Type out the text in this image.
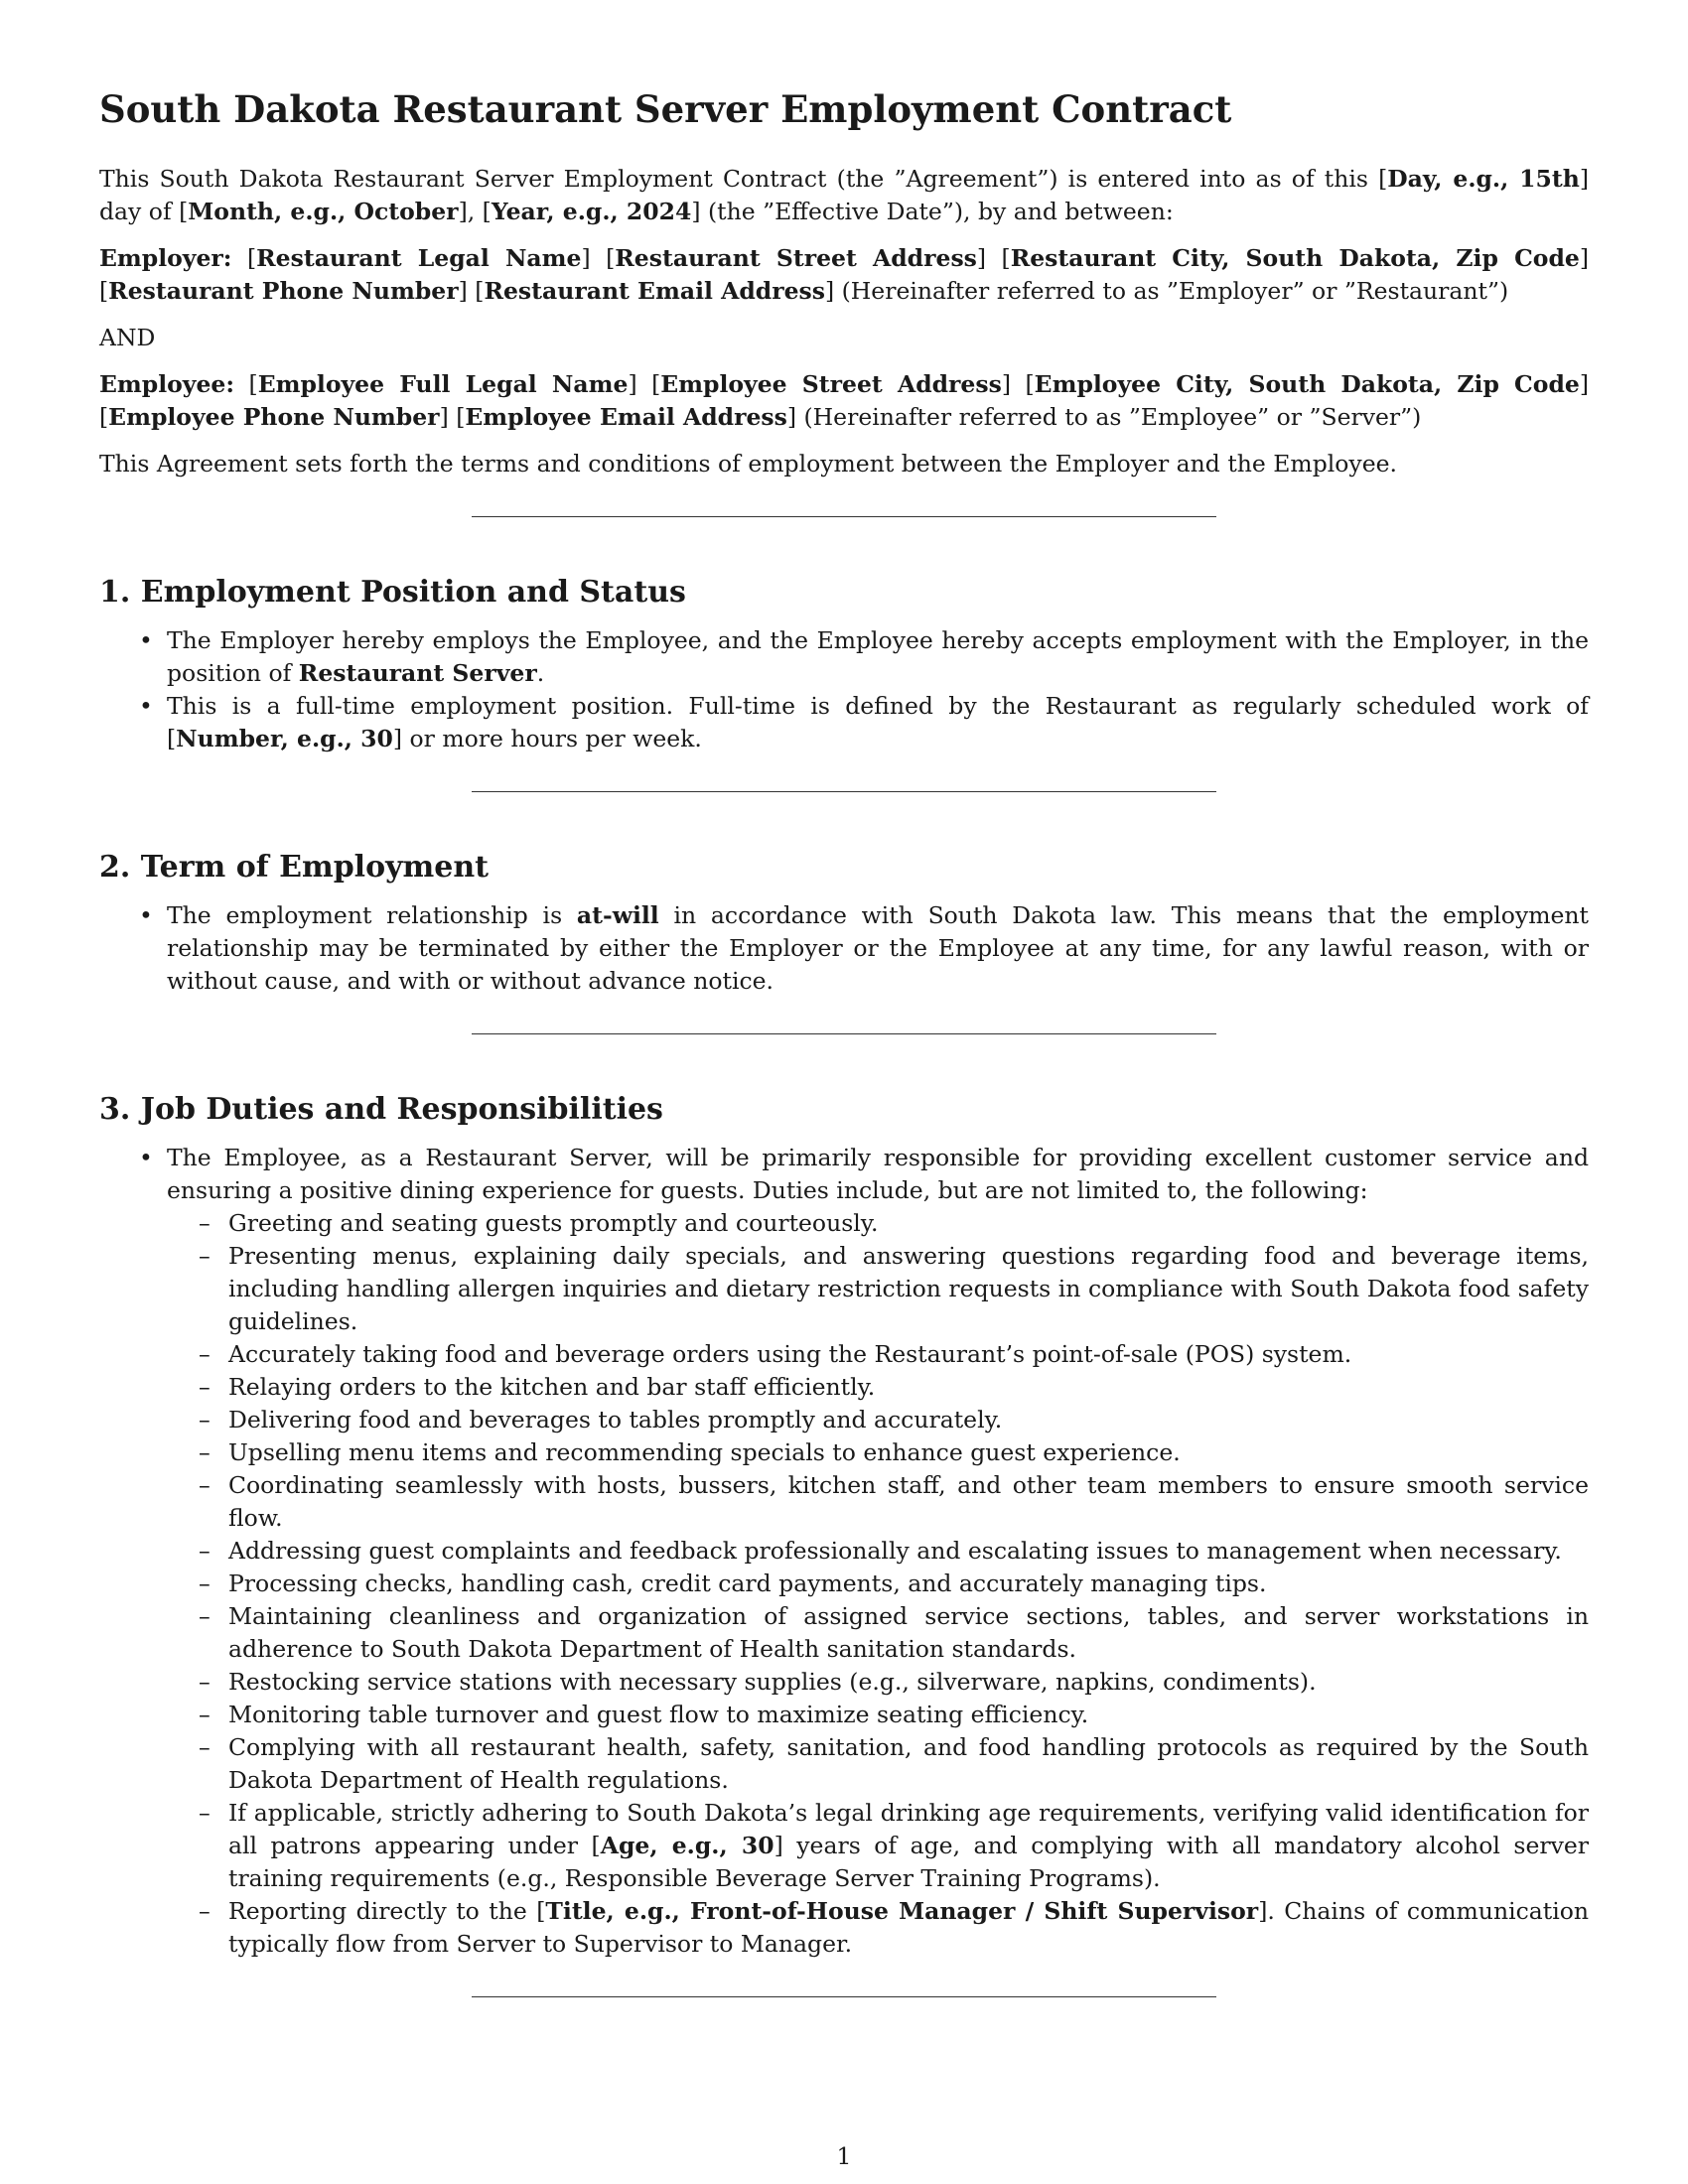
South Dakota Restaurant Server Employment Contract

This South Dakota Restaurant Server Employment Contract (the ”Agreement”) is entered into as of this [Day, e.g., 15th] day of [Month, e.g., October], [Year, e.g., 2024] (the ”Effective Date”), by and between:

Employer: [Restaurant Legal Name] [Restaurant Street Address] [Restaurant City, South Dakota, Zip Code] [Restaurant Phone Number] [Restaurant Email Address] (Hereinafter referred to as ”Employer” or ”Restaurant”)

AND

Employee: [Employee Full Legal Name] [Employee Street Address] [Employee City, South Dakota, Zip Code] [Employee Phone Number] [Employee Email Address] (Hereinafter referred to as ”Employee” or ”Server”)

This Agreement sets forth the terms and conditions of employment between the Employer and the Employee.

1. Employment Position and Status
• The Employer hereby employs the Employee, and the Employee hereby accepts employment with the Employer, in the position of Restaurant Server.
• This is a full-time employment position. Full-time is defined by the Restaurant as regularly scheduled work of [Number, e.g., 30] or more hours per week.
2. Term of Employment
• The employment relationship is at-will in accordance with South Dakota law. This means that the employment relationship may be terminated by either the Employer or the Employee at any time, for any lawful reason, with or without cause, and with or without advance notice.
3. Job Duties and Responsibilities
• The Employee, as a Restaurant Server, will be primarily responsible for providing excellent customer service and ensuring a positive dining experience for guests. Duties include, but are not limited to, the following:
– Greeting and seating guests promptly and courteously.
– Presenting menus, explaining daily specials, and answering questions regarding food and beverage items, including handling allergen inquiries and dietary restriction requests in compliance with South Dakota food safety guidelines.
– Accurately taking food and beverage orders using the Restaurant’s point-of-sale (POS) system.
– Relaying orders to the kitchen and bar staff efficiently.
– Delivering food and beverages to tables promptly and accurately.
– Upselling menu items and recommending specials to enhance guest experience.
– Coordinating seamlessly with hosts, bussers, kitchen staff, and other team members to ensure smooth service flow.
– Addressing guest complaints and feedback professionally and escalating issues to management when necessary.
– Processing checks, handling cash, credit card payments, and accurately managing tips.
– Maintaining cleanliness and organization of assigned service sections, tables, and server workstations in adherence to South Dakota Department of Health sanitation standards.
– Restocking service stations with necessary supplies (e.g., silverware, napkins, condiments).
– Monitoring table turnover and guest flow to maximize seating efficiency.
– Complying with all restaurant health, safety, sanitation, and food handling protocols as required by the South Dakota Department of Health regulations.
– If applicable, strictly adhering to South Dakota’s legal drinking age requirements, verifying valid identification for all patrons appearing under [Age, e.g., 30] years of age, and complying with all mandatory alcohol server training requirements (e.g., Responsible Beverage Server Training Programs).
– Reporting directly to the [Title, e.g., Front-of-House Manager / Shift Supervisor]. Chains of communication typically flow from Server to Supervisor to Manager.
1
